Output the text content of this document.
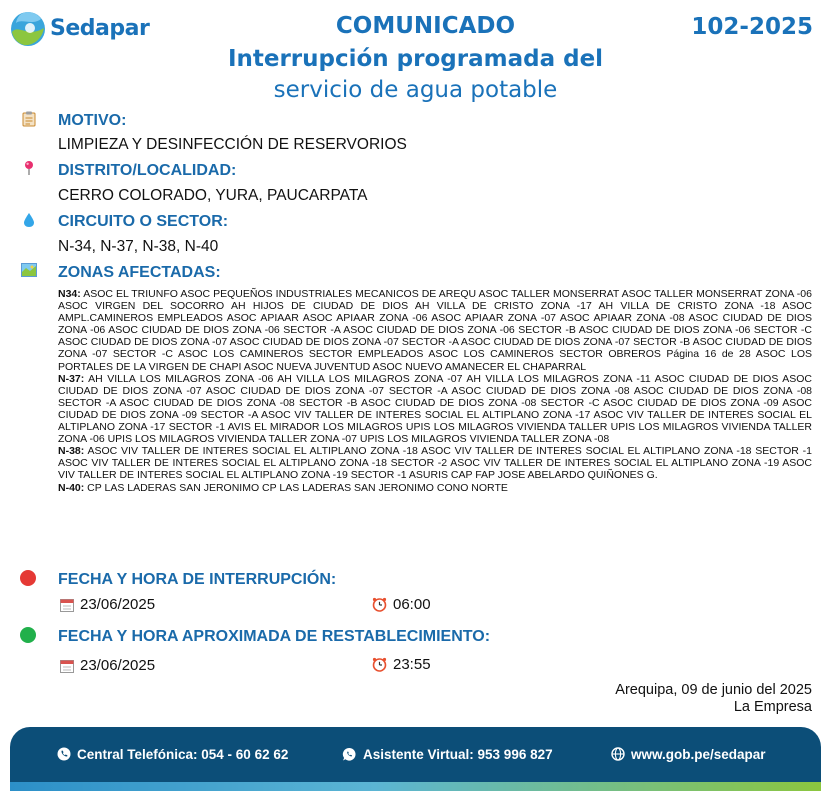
Sedapar	COMUNICADO	102-2025
Interrupción programada del
servicio de agua potable
MOTIVO:
LIMPIEZA Y DESINFECCIÓN DE RESERVORIOS
DISTRITO/LOCALIDAD:
CERRO COLORADO, YURA, PAUCARPATA
CIRCUITO O SECTOR:
N-34, N-37, N-38, N-40
ZONAS AFECTADAS:

N34: ASOC EL TRIUNFO ASOC PEQUEÑOS INDUSTRIALES MECANICOS DE AREQU ASOC TALLER MONSERRAT ASOC TALLER MONSERRAT ZONA -06 ASOC VIRGEN DEL SOCORRO AH HIJOS DE CIUDAD DE DIOS AH VILLA DE CRISTO ZONA -17 AH VILLA DE CRISTO ZONA -18 ASOC AMPL.CAMINEROS EMPLEADOS ASOC APIAAR ASOC APIAAR ZONA -06 ASOC APIAAR ZONA -07 ASOC APIAAR ZONA -08 ASOC CIUDAD DE DIOS ZONA -06 ASOC CIUDAD DE DIOS ZONA -06 SECTOR -A ASOC CIUDAD DE DIOS ZONA -06 SECTOR -B ASOC CIUDAD DE DIOS ZONA -06 SECTOR -C ASOC CIUDAD DE DIOS ZONA -07 ASOC CIUDAD DE DIOS ZONA -07 SECTOR -A ASOC CIUDAD DE DIOS ZONA -07 SECTOR -B ASOC CIUDAD DE DIOS ZONA -07 SECTOR -C ASOC LOS CAMINEROS SECTOR EMPLEADOS ASOC LOS CAMINEROS SECTOR OBREROS Página 16 de 28 ASOC LOS PORTALES DE LA VIRGEN DE CHAPI ASOC NUEVA JUVENTUD ASOC NUEVO AMANECER EL CHAPARRAL

N-37: AH VILLA LOS MILAGROS ZONA -06 AH VILLA LOS MILAGROS ZONA -07 AH VILLA LOS MILAGROS ZONA -11 ASOC CIUDAD DE DIOS ASOC CIUDAD DE DIOS ZONA -07 ASOC CIUDAD DE DIOS ZONA -07 SECTOR -A ASOC CIUDAD DE DIOS ZONA -08 ASOC CIUDAD DE DIOS ZONA -08 SECTOR -A ASOC CIUDAD DE DIOS ZONA -08 SECTOR -B ASOC CIUDAD DE DIOS ZONA -08 SECTOR -C ASOC CIUDAD DE DIOS ZONA -09 ASOC CIUDAD DE DIOS ZONA -09 SECTOR -A ASOC VIV TALLER DE INTERES SOCIAL EL ALTIPLANO ZONA -17 ASOC VIV TALLER DE INTERES SOCIAL EL ALTIPLANO ZONA -17 SECTOR -1 AVIS EL MIRADOR LOS MILAGROS UPIS LOS MILAGROS VIVIENDA TALLER UPIS LOS MILAGROS VIVIENDA TALLER ZONA -06 UPIS LOS MILAGROS VIVIENDA TALLER ZONA -07 UPIS LOS MILAGROS VIVIENDA TALLER ZONA -08

N-38: ASOC VIV TALLER DE INTERES SOCIAL EL ALTIPLANO ZONA -18 ASOC VIV TALLER DE INTERES SOCIAL EL ALTIPLANO ZONA -18 SECTOR -1 ASOC VIV TALLER DE INTERES SOCIAL EL ALTIPLANO ZONA -18 SECTOR -2 ASOC VIV TALLER DE INTERES SOCIAL EL ALTIPLANO ZONA -19 ASOC VIV TALLER DE INTERES SOCIAL EL ALTIPLANO ZONA -19 SECTOR -1 ASURIS CAP FAP JOSE ABELARDO QUIÑONES G.

N-40: CP LAS LADERAS SAN JERONIMO CP LAS LADERAS SAN JERONIMO CONO NORTE

FECHA Y HORA DE INTERRUPCIÓN:
23/06/2025	06:00
FECHA Y HORA APROXIMADA DE RESTABLECIMIENTO:
23/06/2025	23:55
Arequipa, 09 de junio del 2025
La Empresa
Central Telefónica: 054 - 60 62 62	Asistente Virtual: 953 996 827	www.gob.pe/sedapar
